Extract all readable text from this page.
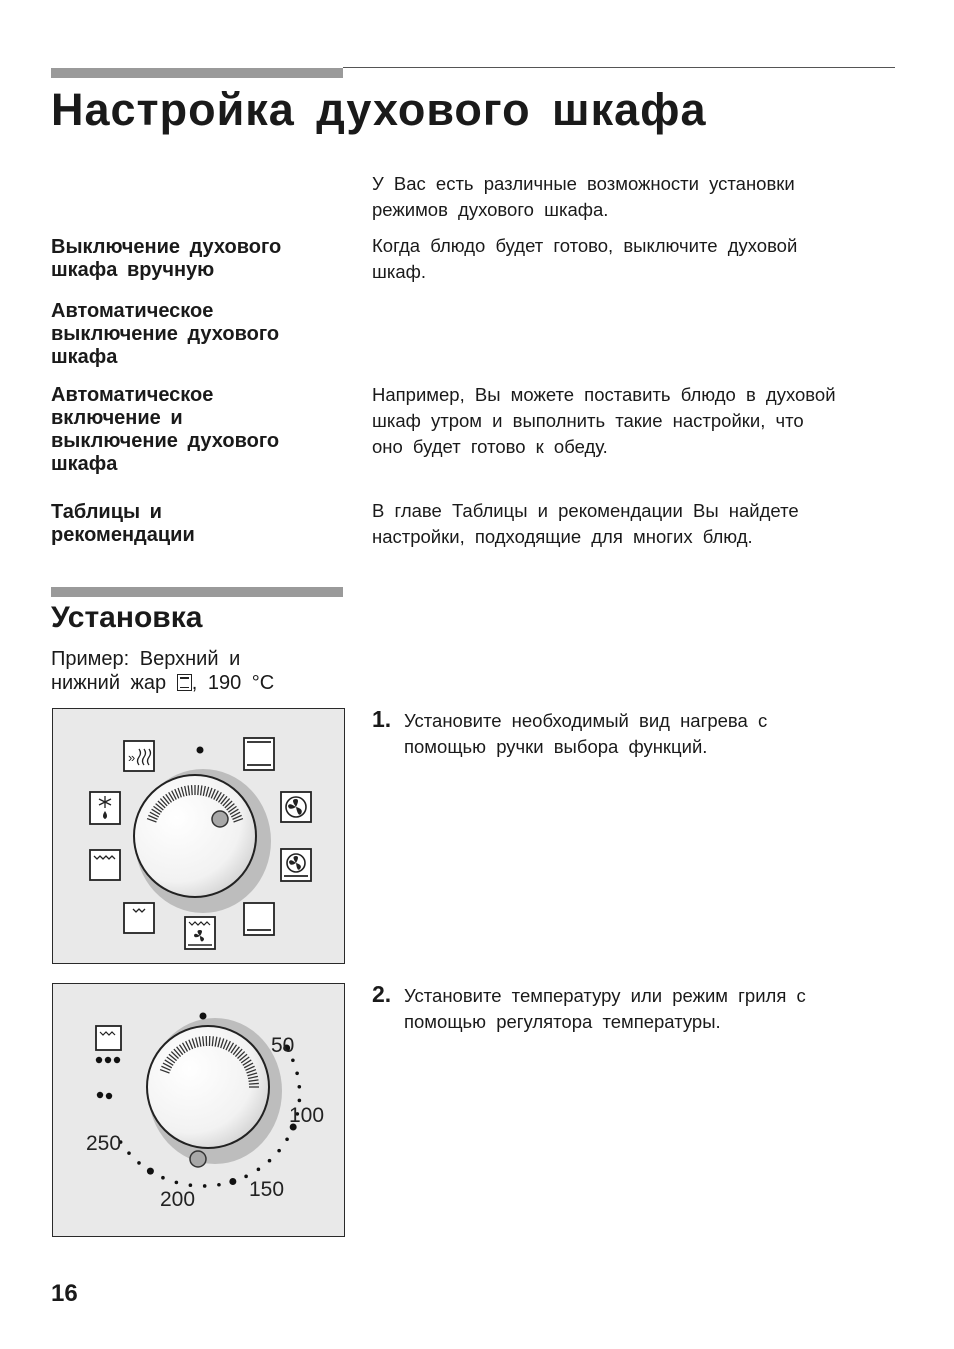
Настройка духового шкафа

У Вас есть различные возможности установки

режимов духового шкафа.

Выключение духового

шкафа вручную

Когда блюдо будет готово, выключите духовой

шкаф.

Автоматическое

выключение духового

шкафа

Автоматическое

включение и

выключение духового

шкафа

Например, Вы можете поставить блюдо в духовой

шкаф утром и выполнить такие настройки, что

оно будет готово к обеду.

Таблицы и

рекомендации

В главе Таблицы и рекомендации Вы найдете

настройки, подходящие для многих блюд.

Установка

Пример: Верхний и

нижний жар , 190 °C

»
50
100
150
200
250
1. Установите необходимый вид нагрева с

помощью ручки выбора функций.

2. Установите температуру или режим гриля с

помощью регулятора температуры.

16
